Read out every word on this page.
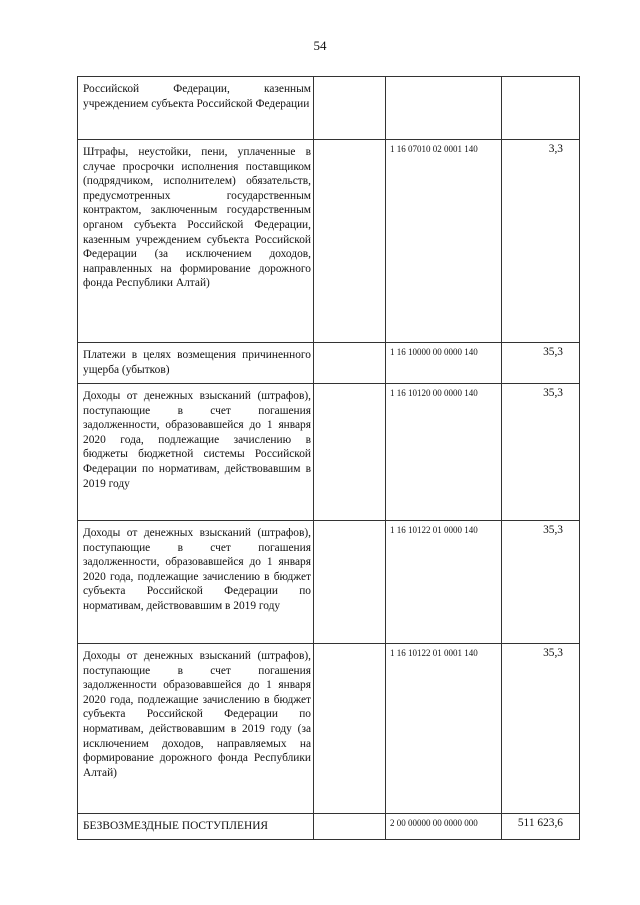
54
Российской Федерации, казенным учреждением субъекта Российской Федерации			
Штрафы, неустойки, пени, уплаченные в случае просрочки исполнения поставщиком (подрядчиком, исполнителем) обязательств, предусмотренных государственным контрактом, заключенным государственным органом субъекта Российской Федерации, казенным учреждением субъекта Российской Федерации (за исключением доходов, направленных на формирование дорожного фонда Республики Алтай)		1 16 07010 02 0001 140	3,3
Платежи в целях возмещения причиненного ущерба (убытков)		1 16 10000 00 0000 140	35,3
Доходы от денежных взысканий (штрафов), поступающие в счет погашения задолженности, образовавшейся до 1 января 2020 года, подлежащие зачислению в бюджеты бюджетной системы Российской Федерации по нормативам, действовавшим в 2019 году		1 16 10120 00 0000 140	35,3
Доходы от денежных взысканий (штрафов), поступающие в счет погашения задолженности, образовавшейся до 1 января 2020 года, подлежащие зачислению в бюджет субъекта Российской Федерации по нормативам, действовавшим в 2019 году		1 16 10122 01 0000 140	35,3
Доходы от денежных взысканий (штрафов), поступающие в счет погашения задолженности образовавшейся до 1 января 2020 года, подлежащие зачислению в бюджет субъекта Российской Федерации по нормативам, действовавшим в 2019 году (за исключением доходов, направляемых на формирование дорожного фонда Республики Алтай)		1 16 10122 01 0001 140	35,3
БЕЗВОЗМЕЗДНЫЕ ПОСТУПЛЕНИЯ		2 00 00000 00 0000 000	511 623,6
